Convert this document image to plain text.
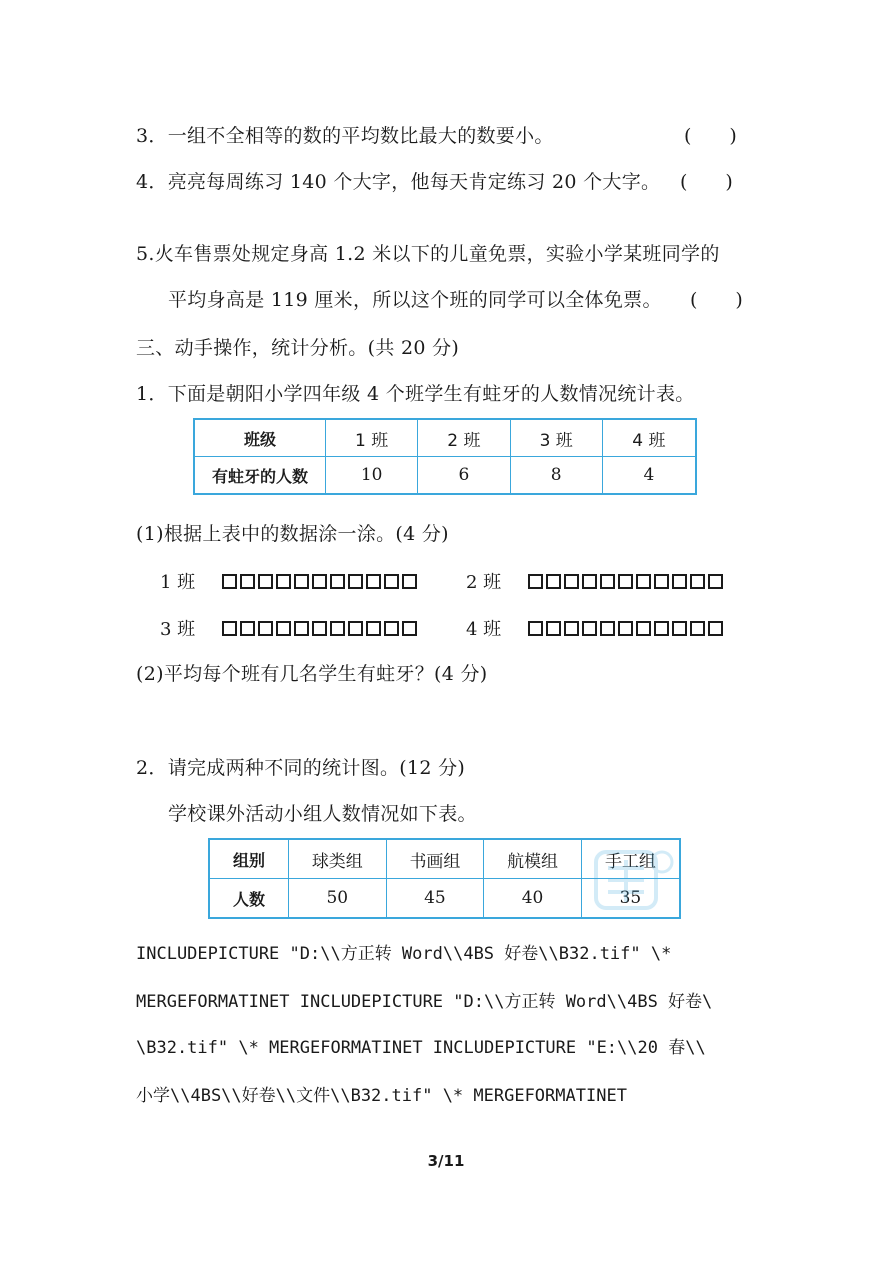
3．一组不全相等的数的平均数比最大的数要小。	(　　)
4．亮亮每周练习 140 个大字，他每天肯定练习 20 个大字。 (　　)
5.火车售票处规定身高 1.2 米以下的儿童免票，实验小学某班同学的
平均身高是 119 厘米，所以这个班的同学可以全体免票。 (　　)
三、动手操作，统计分析。(共 20 分)
1．下面是朝阳小学四年级 4 个班学生有蛀牙的人数情况统计表。
班级	1 班	2 班	3 班	4 班
有蛀牙的人数	10	6	8	4
(1)根据上表中的数据涂一涂。(4 分)
1 班	2 班
3 班	4 班
(2)平均每个班有几名学生有蛀牙？(4 分)
2．请完成两种不同的统计图。(12 分)
学校课外活动小组人数情况如下表。
组别	球类组	书画组	航模组	手工组
人数	50	45	40	35
INCLUDEPICTURE "D:\\方正转 Word\\4BS 好卷\\B32.tif" \*
MERGEFORMATINET INCLUDEPICTURE "D:\\方正转 Word\\4BS 好卷\
\B32.tif" \* MERGEFORMATINET INCLUDEPICTURE "E:\\20 春\\
小学\\4BS\\好卷\\文件\\B32.tif" \* MERGEFORMATINET
3/11
